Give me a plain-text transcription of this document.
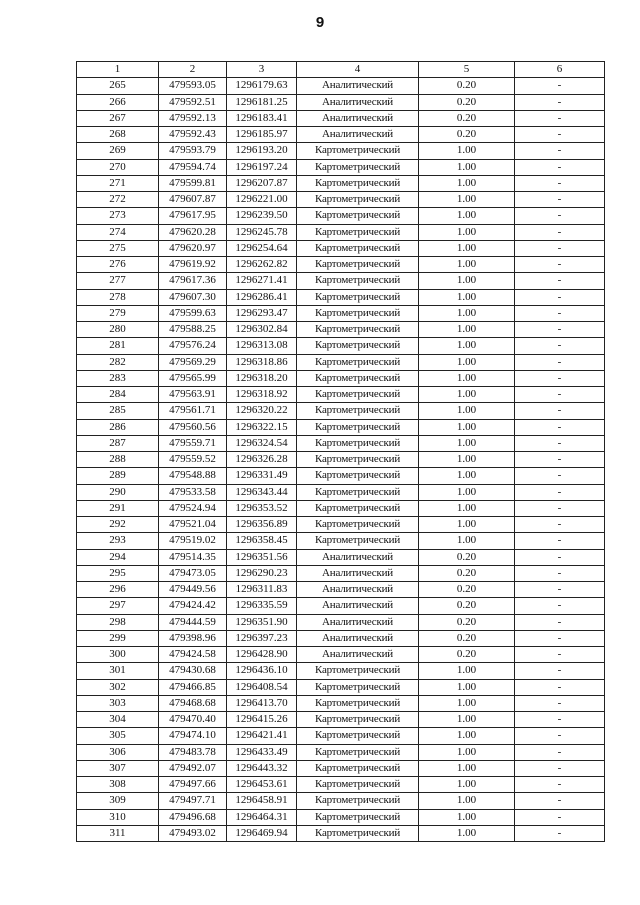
9
1	2	3	4	5	6
265	479593.05	1296179.63	Аналитический	0.20	-
266	479592.51	1296181.25	Аналитический	0.20	-
267	479592.13	1296183.41	Аналитический	0.20	-
268	479592.43	1296185.97	Аналитический	0.20	-
269	479593.79	1296193.20	Картометрический	1.00	-
270	479594.74	1296197.24	Картометрический	1.00	-
271	479599.81	1296207.87	Картометрический	1.00	-
272	479607.87	1296221.00	Картометрический	1.00	-
273	479617.95	1296239.50	Картометрический	1.00	-
274	479620.28	1296245.78	Картометрический	1.00	-
275	479620.97	1296254.64	Картометрический	1.00	-
276	479619.92	1296262.82	Картометрический	1.00	-
277	479617.36	1296271.41	Картометрический	1.00	-
278	479607.30	1296286.41	Картометрический	1.00	-
279	479599.63	1296293.47	Картометрический	1.00	-
280	479588.25	1296302.84	Картометрический	1.00	-
281	479576.24	1296313.08	Картометрический	1.00	-
282	479569.29	1296318.86	Картометрический	1.00	-
283	479565.99	1296318.20	Картометрический	1.00	-
284	479563.91	1296318.92	Картометрический	1.00	-
285	479561.71	1296320.22	Картометрический	1.00	-
286	479560.56	1296322.15	Картометрический	1.00	-
287	479559.71	1296324.54	Картометрический	1.00	-
288	479559.52	1296326.28	Картометрический	1.00	-
289	479548.88	1296331.49	Картометрический	1.00	-
290	479533.58	1296343.44	Картометрический	1.00	-
291	479524.94	1296353.52	Картометрический	1.00	-
292	479521.04	1296356.89	Картометрический	1.00	-
293	479519.02	1296358.45	Картометрический	1.00	-
294	479514.35	1296351.56	Аналитический	0.20	-
295	479473.05	1296290.23	Аналитический	0.20	-
296	479449.56	1296311.83	Аналитический	0.20	-
297	479424.42	1296335.59	Аналитический	0.20	-
298	479444.59	1296351.90	Аналитический	0.20	-
299	479398.96	1296397.23	Аналитический	0.20	-
300	479424.58	1296428.90	Аналитический	0.20	-
301	479430.68	1296436.10	Картометрический	1.00	-
302	479466.85	1296408.54	Картометрический	1.00	-
303	479468.68	1296413.70	Картометрический	1.00	-
304	479470.40	1296415.26	Картометрический	1.00	-
305	479474.10	1296421.41	Картометрический	1.00	-
306	479483.78	1296433.49	Картометрический	1.00	-
307	479492.07	1296443.32	Картометрический	1.00	-
308	479497.66	1296453.61	Картометрический	1.00	-
309	479497.71	1296458.91	Картометрический	1.00	-
310	479496.68	1296464.31	Картометрический	1.00	-
311	479493.02	1296469.94	Картометрический	1.00	-
